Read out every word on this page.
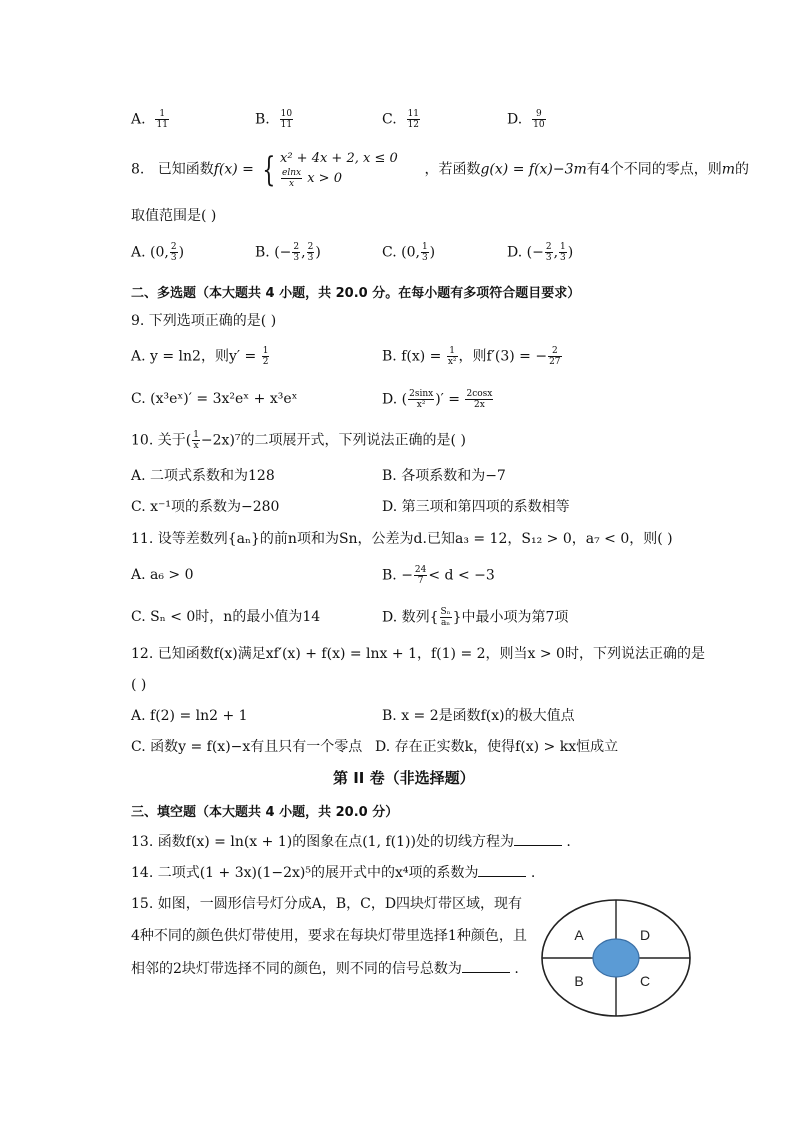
A. $\frac{1}{11}$	B. $\frac{10}{11}$	C. $\frac{11}{12}$	D. $\frac{9}{10}$
8. 已知函数f(x) = { x² + 4x + 2, x ≤ 0
$\frac{elnx}{x}$ x > 0
，若函数g(x) = f(x)−3m有4个不同的零点，则m的
取值范围是( )
A. (0, $\frac{2}{3}$ )	B. (− $\frac{2}{3}$ , $\frac{2}{3}$ )	C. (0, $\frac{1}{3}$ )	D. (− $\frac{2}{3}$ , $\frac{1}{3}$ )
二、多选题（本大题共 4 小题，共 20.0 分。在每小题有多项符合题目要求）
9. 下列选项正确的是( )
A. y = ln2，则$y' = \frac{1}{2}$	B. $f(x) = \frac{1}{\text{x²}}$ ，则f′(3) = − $\frac{2}{27}$
C. (x³eˣ)′ = 3x²eˣ + x³eˣ	D. ( $\frac{2\sin x}{\text{x²}}$ )′ = $\frac{2\cos x}{2x}$
10. 关于( $\frac{1}{x} -2x)^7$的二项展开式，下列说法正确的是( )
A. 二项式系数和为128	B. 各项系数和为−7
C. x⁻¹项的系数为−280	D. 第三项和第四项的系数相等
11. 设等差数列{aₙ}的前n项和为Sn，公差为d.已知a₃ = 12，S₁₂ > 0，a₇ < 0，则( )
A. a₆ > 0	B. − $\frac{24}{7} < d < -3$
C. Sₙ < 0时，n的最小值为14	D. 数列{ $\frac{\text{Sₙ}}{\text{aₙ}}$ }中最小项为第7项
12. 已知函数f(x)满足xf′(x) + f(x) = lnx + 1，f(1) = 2，则当x > 0时，下列说法正确的是
( )
A. f(2) = ln2 + 1	B. x = 2是函数f(x)的极大值点
C. 函数y = f(x)−x有且只有一个零点 D. 存在正实数k，使得f(x) > kx恒成立
第 II 卷（非选择题）
三、填空题（本大题共 4 小题，共 20.0 分）
13. 函数f(x) = ln(x + 1)的图象在点(1, f(1))处的切线方程为	.
14. 二项式(1 + 3x)(1−2x)⁵的展开式中的x⁴项的系数为	.
15. 如图，一圆形信号灯分成A，B，C，D四块灯带区域，现有
4种不同的颜色供灯带使用，要求在每块灯带里选择1种颜色，且
相邻的2块灯带选择不同的颜色，则不同的信号总数为	.
A	D
B	C
